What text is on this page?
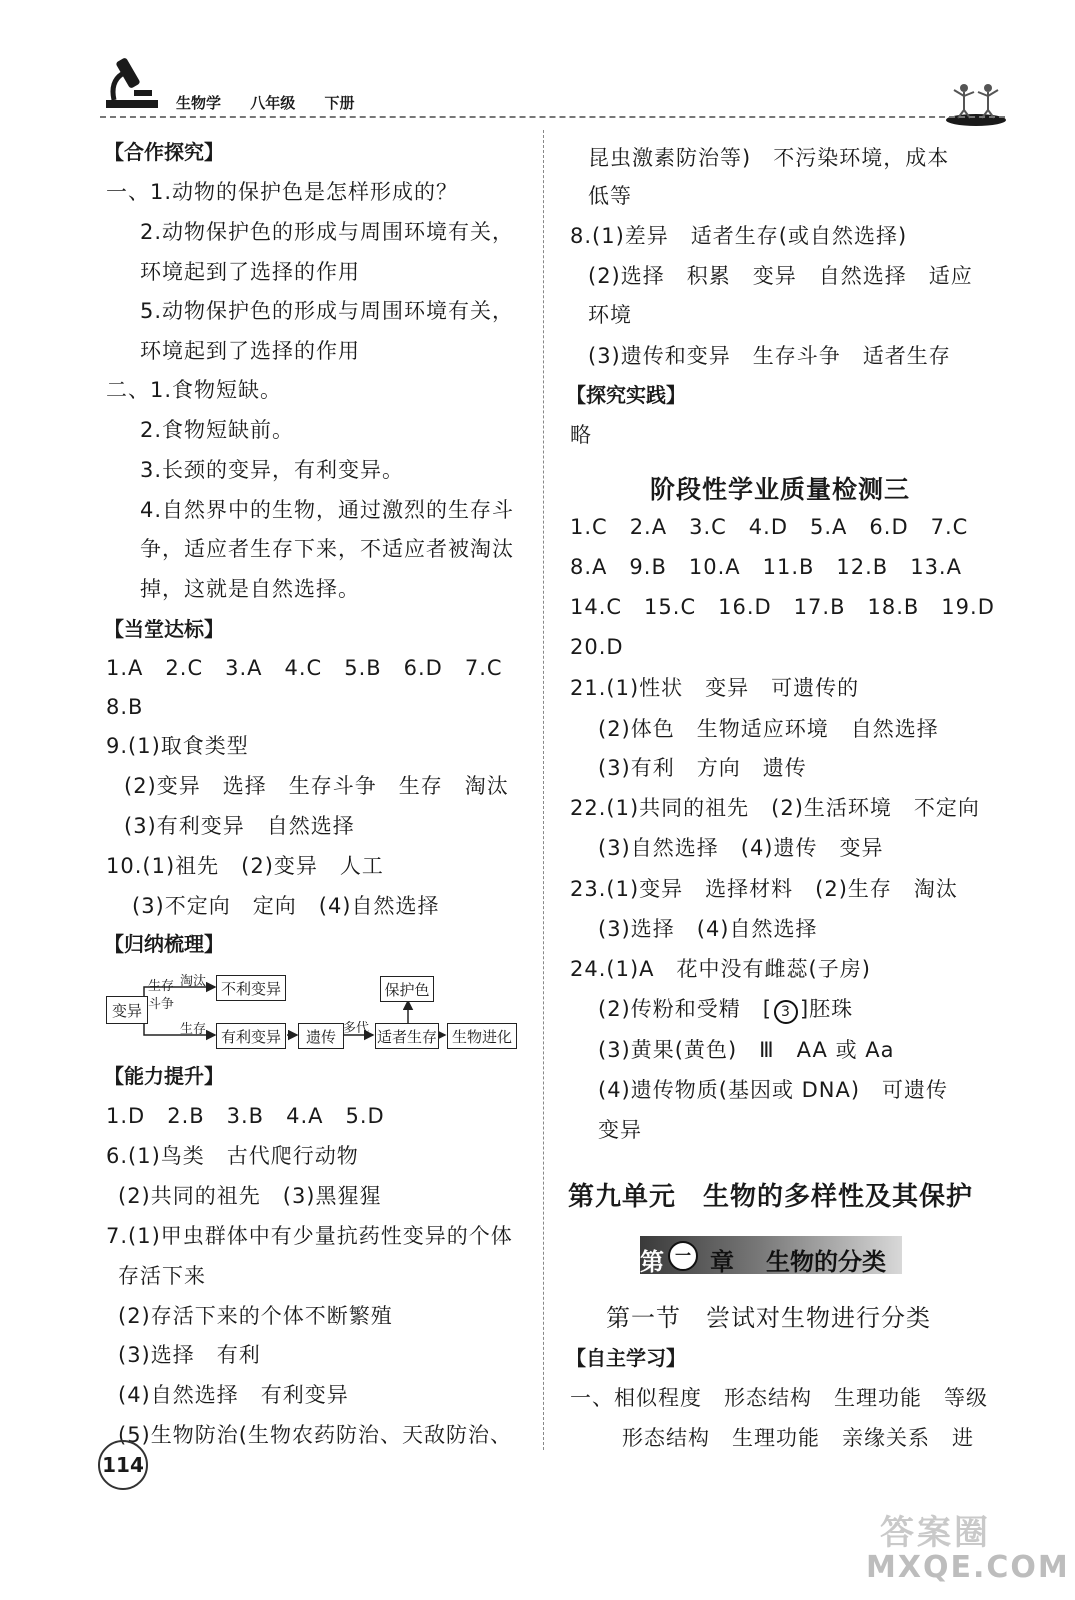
生物学 八年级 下册
【合作探究】
一、1.动物的保护色是怎样形成的？
2.动物保护色的形成与周围环境有关，
环境起到了选择的作用
5.动物保护色的形成与周围环境有关，
环境起到了选择的作用
二、1.食物短缺。
2.食物短缺前。
3.长颈的变异，有利变异。
4.自然界中的生物，通过激烈的生存斗
争，适应者生存下来，不适应者被淘汰
掉，这就是自然选择。
【当堂达标】
1.A　2.C　3.A　4.C　5.B　6.D　7.C
8.B
9.(1)取食类型
(2)变异　选择　生存斗争　生存　淘汰
(3)有利变异　自然选择
10.(1)祖先　(2)变异　人工
(3)不定向　定向　(4)自然选择
【归纳梳理】
变异
生存
斗争
淘汰 不利变异
生存 有利变异	遗传 多代 适者生存
保护色
生物进化
【能力提升】
1.D　2.B　3.B　4.A　5.D
6.(1)鸟类　古代爬行动物
(2)共同的祖先　(3)黑猩猩
7.(1)甲虫群体中有少量抗药性变异的个体
存活下来
(2)存活下来的个体不断繁殖
(3)选择　有利
(4)自然选择　有利变异
(5)生物防治(生物农药防治、天敌防治、
昆虫激素防治等)　不污染环境，成本
低等
8.(1)差异　适者生存(或自然选择)
(2)选择　积累　变异　自然选择　适应
环境
(3)遗传和变异　生存斗争　适者生存
【探究实践】
略
阶段性学业质量检测三
1.C　2.A　3.C　4.D　5.A　6.D　7.C
8.A　9.B　10.A　11.B　12.B　13.A
14.C　15.C　16.D　17.B　18.B　19.D
20.D
21.(1)性状　变异　可遗传的
(2)体色　生物适应环境　自然选择
(3)有利　方向　遗传
22.(1)共同的祖先　(2)生活环境　不定向
(3)自然选择　(4)遗传　变异
23.(1)变异　选择材料　(2)生存　淘汰
(3)选择　(4)自然选择
24.(1)A　花中没有雌蕊(子房)
(2)传粉和受精　[ 3 ]胚珠
(3)黄果(黄色)　Ⅲ　AA 或 Aa
(4)遗传物质(基因或 DNA)　可遗传
变异
第九单元　生物的多样性及其保护
第 一 章 生物的分类
第一节　尝试对生物进行分类
【自主学习】
一、相似程度　形态结构　生理功能　等级
形态结构　生理功能　亲缘关系　进
114
答案圈
MXQE.COM
